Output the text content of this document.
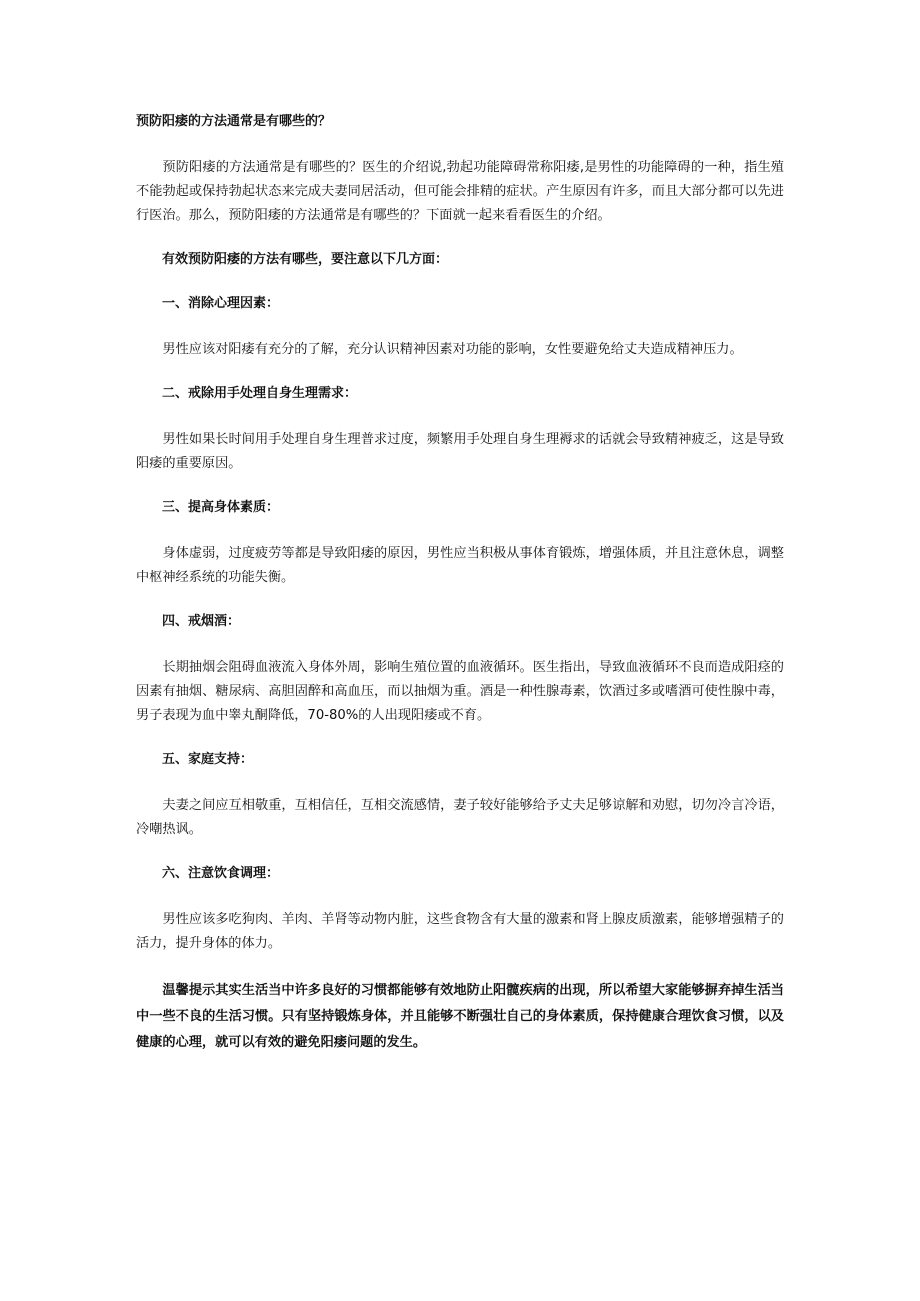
预防阳痿的方法通常是有哪些的？

预防阳痿的方法通常是有哪些的？医生的介绍说,勃起功能障碍常称阳痿,是男性的功能障碍的一种，指生殖不能勃起或保持勃起状态来完成夫妻同居活动，但可能会排精的症状。产生原因有许多，而且大部分都可以先进行医治。那么，预防阳痿的方法通常是有哪些的？下面就一起来看看医生的介绍。

有效预防阳痿的方法有哪些，要注意以下几方面：
一、消除心理因素：

男性应该对阳痿有充分的了解，充分认识精神因素对功能的影响，女性要避免给丈夫造成精神压力。

二、戒除用手处理自身生理需求：

男性如果长时间用手处理自身生理普求过度，频繁用手处理自身生理褥求的话就会导致精神疲乏，这是导致阳痿的重要原因。

三、提高身体素质：

身体虚弱，过度疲劳等都是导致阳痿的原因，男性应当积极从事体育锻炼，增强体质，并且注意休息，调整中枢神经系统的功能失衡。

四、戒烟酒：

长期抽烟会阻碍血液流入身体外周，影响生殖位置的血液循环。医生指出，导致血液循环不良而造成阳痉的因素有抽烟、糖尿病、高胆固醉和高血压，而以抽烟为重。酒是一种性腺毒素，饮酒过多或嗜酒可使性腺中毒，男子表现为血中睾丸酮降低，70-80%的人出现阳痿或不育。

五、家庭支持：

夫妻之间应互相敬重，互相信任，互相交流感情，妻子较好能够给予丈夫足够谅解和劝慰，切勿冷言冷语，冷嘲热讽。

六、注意饮食调理：

男性应该多吃狗肉、羊肉、羊肾等动物内脏，这些食物含有大量的激素和肾上腺皮质激素，能够增强精子的活力，提升身体的体力。

温馨提示其实生活当中许多良好的习惯都能够有效地防止阳髋疾病的出现，所以希望大家能够摒弃掉生活当中一些不良的生活习惯。只有坚持锻炼身体，并且能够不断强壮自己的身体素质，保持健康合理饮食习惯，以及健康的心理，就可以有效的避免阳痿问题的发生。
